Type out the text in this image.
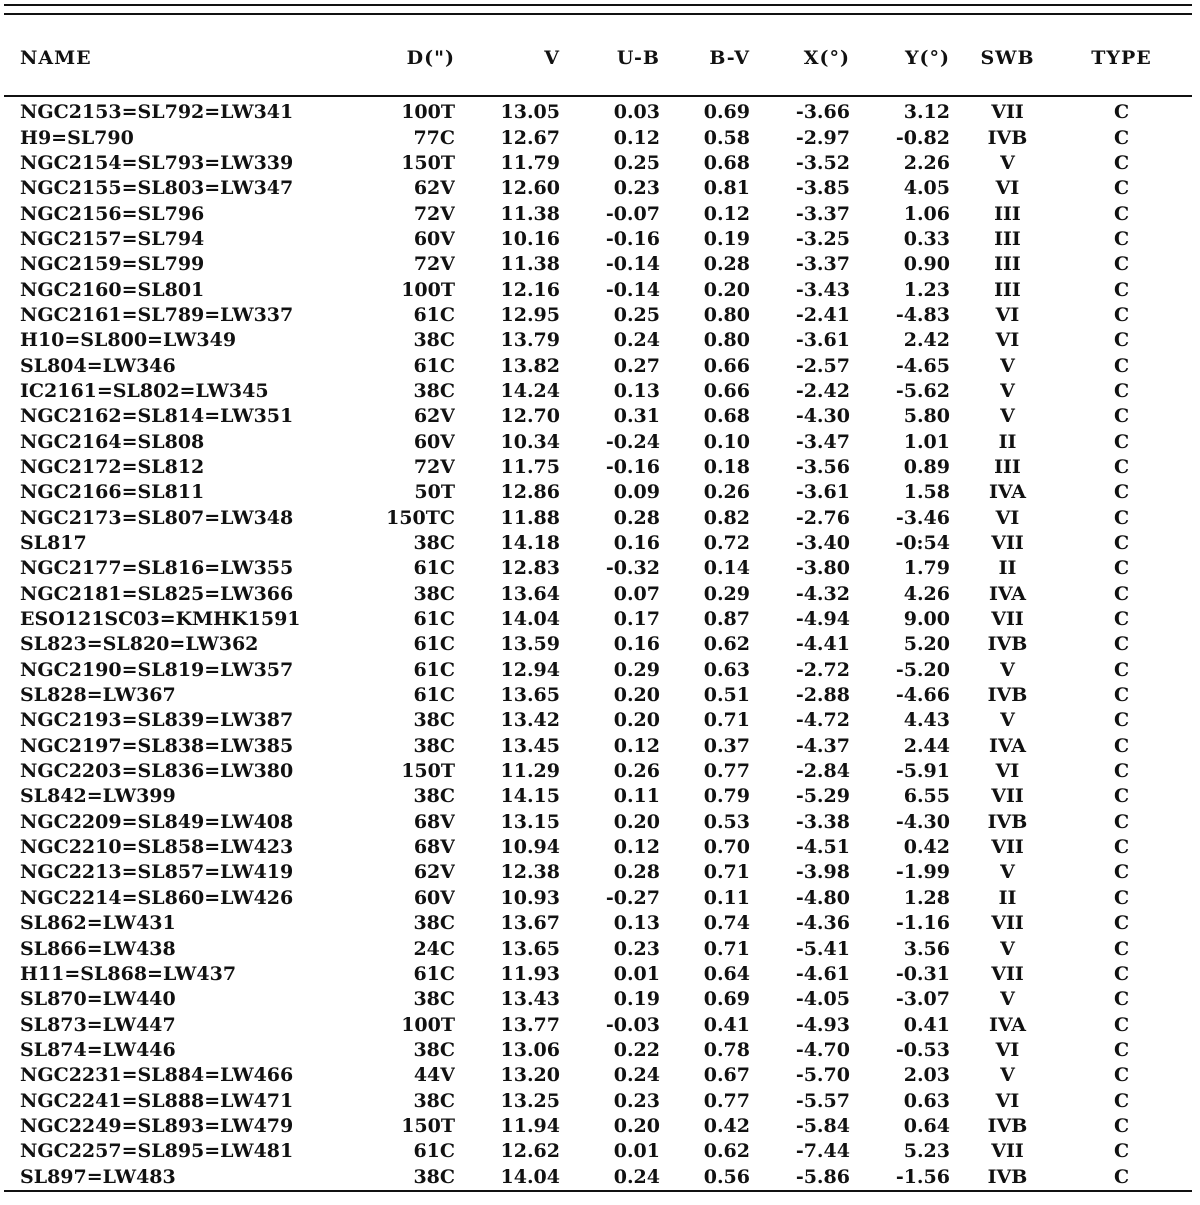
NAME	D(")	V	U-B	B-V	X(°)	Y(°)	SWB	TYPE

NGC2153=SL792=LW341	100T	13.05	0.03	0.69	-3.66	3.12	VII	C
H9=SL790	77C	12.67	0.12	0.58	-2.97	-0.82	IVB	C
NGC2154=SL793=LW339	150T	11.79	0.25	0.68	-3.52	2.26	V	C
NGC2155=SL803=LW347	62V	12.60	0.23	0.81	-3.85	4.05	VI	C
NGC2156=SL796	72V	11.38	-0.07	0.12	-3.37	1.06	III	C
NGC2157=SL794	60V	10.16	-0.16	0.19	-3.25	0.33	III	C
NGC2159=SL799	72V	11.38	-0.14	0.28	-3.37	0.90	III	C
NGC2160=SL801	100T	12.16	-0.14	0.20	-3.43	1.23	III	C
NGC2161=SL789=LW337	61C	12.95	0.25	0.80	-2.41	-4.83	VI	C
H10=SL800=LW349	38C	13.79	0.24	0.80	-3.61	2.42	VI	C
SL804=LW346	61C	13.82	0.27	0.66	-2.57	-4.65	V	C
IC2161=SL802=LW345	38C	14.24	0.13	0.66	-2.42	-5.62	V	C
NGC2162=SL814=LW351	62V	12.70	0.31	0.68	-4.30	5.80	V	C
NGC2164=SL808	60V	10.34	-0.24	0.10	-3.47	1.01	II	C
NGC2172=SL812	72V	11.75	-0.16	0.18	-3.56	0.89	III	C
NGC2166=SL811	50T	12.86	0.09	0.26	-3.61	1.58	IVA	C
NGC2173=SL807=LW348	150TC	11.88	0.28	0.82	-2.76	-3.46	VI	C
SL817	38C	14.18	0.16	0.72	-3.40	-0:54	VII	C
NGC2177=SL816=LW355	61C	12.83	-0.32	0.14	-3.80	1.79	II	C
NGC2181=SL825=LW366	38C	13.64	0.07	0.29	-4.32	4.26	IVA	C
ESO121SC03=KMHK1591	61C	14.04	0.17	0.87	-4.94	9.00	VII	C
SL823=SL820=LW362	61C	13.59	0.16	0.62	-4.41	5.20	IVB	C
NGC2190=SL819=LW357	61C	12.94	0.29	0.63	-2.72	-5.20	V	C
SL828=LW367	61C	13.65	0.20	0.51	-2.88	-4.66	IVB	C
NGC2193=SL839=LW387	38C	13.42	0.20	0.71	-4.72	4.43	V	C
NGC2197=SL838=LW385	38C	13.45	0.12	0.37	-4.37	2.44	IVA	C
NGC2203=SL836=LW380	150T	11.29	0.26	0.77	-2.84	-5.91	VI	C
SL842=LW399	38C	14.15	0.11	0.79	-5.29	6.55	VII	C
NGC2209=SL849=LW408	68V	13.15	0.20	0.53	-3.38	-4.30	IVB	C
NGC2210=SL858=LW423	68V	10.94	0.12	0.70	-4.51	0.42	VII	C
NGC2213=SL857=LW419	62V	12.38	0.28	0.71	-3.98	-1.99	V	C
NGC2214=SL860=LW426	60V	10.93	-0.27	0.11	-4.80	1.28	II	C
SL862=LW431	38C	13.67	0.13	0.74	-4.36	-1.16	VII	C
SL866=LW438	24C	13.65	0.23	0.71	-5.41	3.56	V	C
H11=SL868=LW437	61C	11.93	0.01	0.64	-4.61	-0.31	VII	C
SL870=LW440	38C	13.43	0.19	0.69	-4.05	-3.07	V	C
SL873=LW447	100T	13.77	-0.03	0.41	-4.93	0.41	IVA	C
SL874=LW446	38C	13.06	0.22	0.78	-4.70	-0.53	VI	C
NGC2231=SL884=LW466	44V	13.20	0.24	0.67	-5.70	2.03	V	C
NGC2241=SL888=LW471	38C	13.25	0.23	0.77	-5.57	0.63	VI	C
NGC2249=SL893=LW479	150T	11.94	0.20	0.42	-5.84	0.64	IVB	C
NGC2257=SL895=LW481	61C	12.62	0.01	0.62	-7.44	5.23	VII	C
SL897=LW483	38C	14.04	0.24	0.56	-5.86	-1.56	IVB	C
